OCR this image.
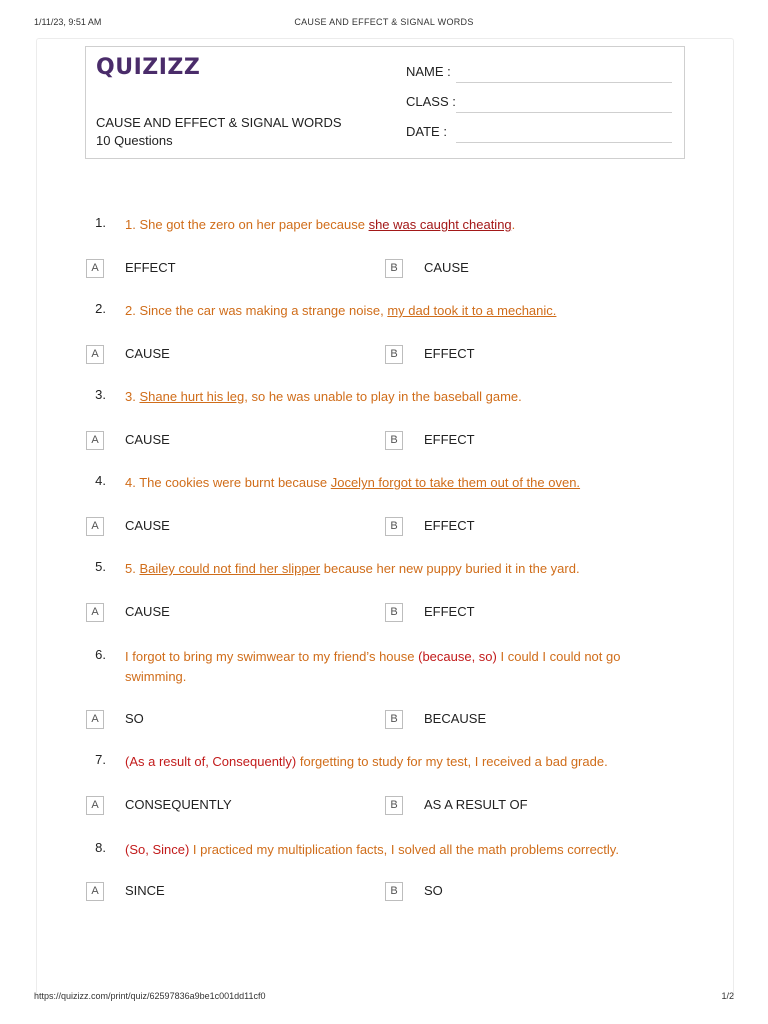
1/11/23, 9:51 AM	CAUSE AND EFFECT & SIGNAL WORDS
QUIZIZZ
CAUSE AND EFFECT & SIGNAL WORDS
10 Questions
NAME :
CLASS :
DATE :
1. 1. She got the zero on her paper because she was caught cheating.
A	EFFECT	B	CAUSE
2. 2. Since the car was making a strange noise, my dad took it to a mechanic.
A	CAUSE	B	EFFECT
3. 3. Shane hurt his leg, so he was unable to play in the baseball game.
A	CAUSE	B	EFFECT
4. 4. The cookies were burnt because Jocelyn forgot to take them out of the oven.
A	CAUSE	B	EFFECT
5. 5. Bailey could not find her slipper because her new puppy buried it in the yard.
A	CAUSE	B	EFFECT
6. I forgot to bring my swimwear to my friend’s house (because, so) I could I could not go swimming.
A	SO	B	BECAUSE
7. (As a result of, Consequently) forgetting to study for my test, I received a bad grade.
A	CONSEQUENTLY	B	AS A RESULT OF
8. (So, Since) I practiced my multiplication facts, I solved all the math problems correctly.
A	SINCE	B	SO
https://quizizz.com/print/quiz/62597836a9be1c001dd11cf0	1/2
